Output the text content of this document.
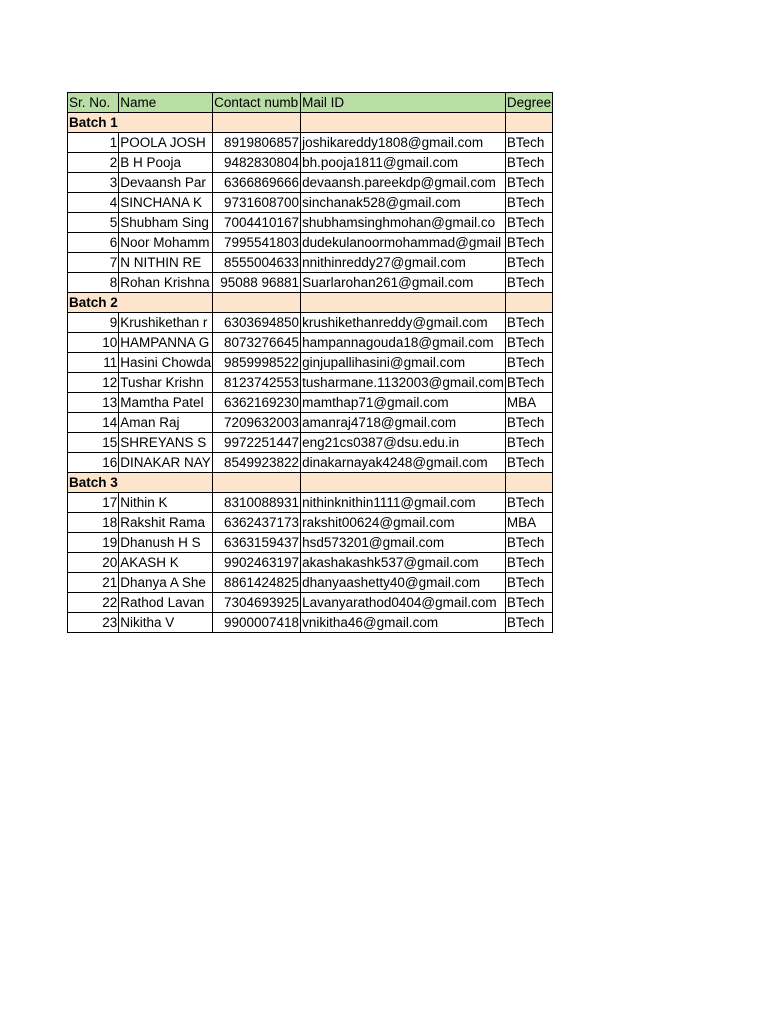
Sr. No.	Name	Contact numb	Mail ID	Degree
Batch 1				
1	POOLA JOSH	8919806857	joshikareddy1808@gmail.com	BTech
2	B H Pooja	9482830804	bh.pooja1811@gmail.com	BTech
3	Devaansh Par	6366869666	devaansh.pareekdp@gmail.com	BTech
4	SINCHANA K	9731608700	sinchanak528@gmail.com	BTech
5	Shubham Sing	7004410167	shubhamsinghmohan@gmail.co	BTech
6	Noor Mohamm	7995541803	dudekulanoormohammad@gmail	BTech
7	N NITHIN RE	8555004633	nnithinreddy27@gmail.com	BTech
8	Rohan Krishna	95088 96881	Suarlarohan261@gmail.com	BTech
Batch 2				
9	Krushikethan r	6303694850	krushikethanreddy@gmail.com	BTech
10	HAMPANNA G	8073276645	hampannagouda18@gmail.com	BTech
11	Hasini Chowda	9859998522	ginjupallihasini@gmail.com	BTech
12	Tushar Krishn	8123742553	tusharmane.1132003@gmail.com	BTech
13	Mamtha Patel	6362169230	mamthap71@gmail.com	MBA
14	Aman Raj	7209632003	amanraj4718@gmail.com	BTech
15	SHREYANS S	9972251447	eng21cs0387@dsu.edu.in	BTech
16	DINAKAR NAY	8549923822	dinakarnayak4248@gmail.com	BTech
Batch 3				
17	Nithin K	8310088931	nithinknithin1111@gmail.com	BTech
18	Rakshit Rama	6362437173	rakshit00624@gmail.com	MBA
19	Dhanush H S	6363159437	hsd573201@gmail.com	BTech
20	AKASH K	9902463197	akashakashk537@gmail.com	BTech
21	Dhanya A She	8861424825	dhanyaashetty40@gmail.com	BTech
22	Rathod Lavan	7304693925	Lavanyarathod0404@gmail.com	BTech
23	Nikitha V	9900007418	vnikitha46@gmail.com	BTech
